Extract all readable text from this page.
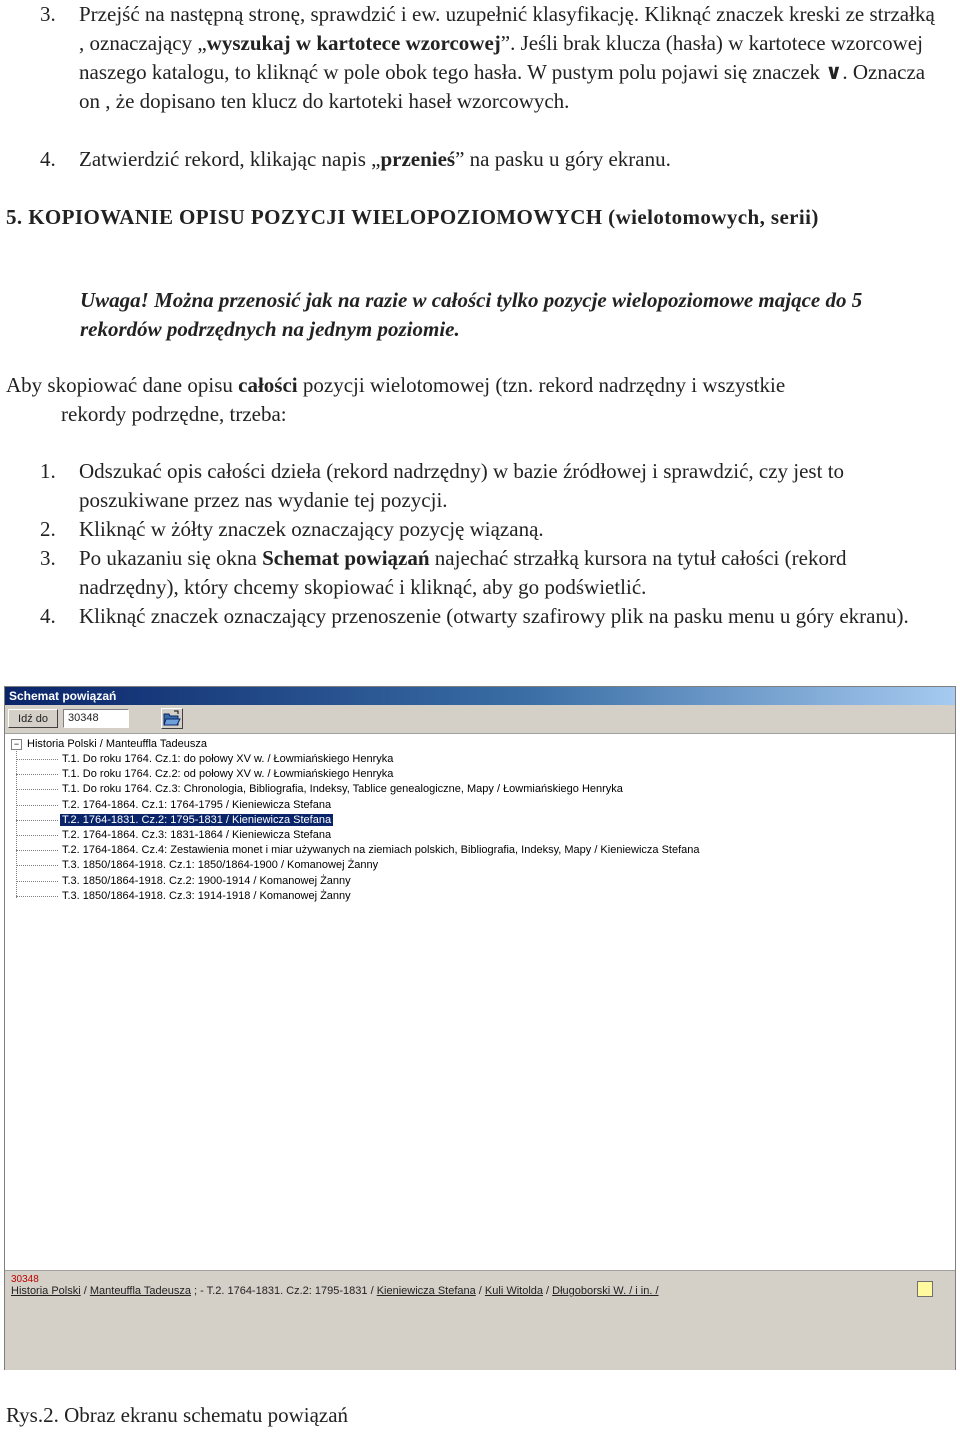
3. Przejść na następną stronę, sprawdzić i ew. uzupełnić klasyfikację. Kliknąć znaczek kreski ze strzałką , oznaczający „wyszukaj w kartotece wzorcowej”. Jeśli brak klucza (hasła) w kartotece wzorcowej naszego katalogu, to kliknąć w pole obok tego hasła. W pustym polu pojawi się znaczek ∨. Oznacza on , że dopisano ten klucz do kartoteki haseł wzorcowych.
4. Zatwierdzić rekord, klikając napis „przenieś” na pasku u góry ekranu.
5. KOPIOWANIE OPISU POZYCJI WIELOPOZIOMOWYCH (wielotomowych, serii)
Uwaga! Można przenosić jak na razie w całości tylko pozycje wielopoziomowe mające do 5 rekordów podrzędnych na jednym poziomie.
Aby skopiować dane opisu całości pozycji wielotomowej (tzn. rekord nadrzędny i wszystkie
rekordy podrzędne, trzeba:
1. Odszukać opis całości dzieła (rekord nadrzędny) w bazie źródłowej i sprawdzić, czy jest to poszukiwane przez nas wydanie tej pozycji.
2. Kliknąć w żółty znaczek oznaczający pozycję wiązaną.
3. Po ukazaniu się okna Schemat powiązań najechać strzałką kursora na tytuł całości (rekord nadrzędny), który chcemy skopiować i kliknąć, aby go podświetlić.
4. Kliknąć znaczek oznaczający przenoszenie (otwarty szafirowy plik na pasku menu u góry ekranu).
Schemat powiązań
Idź do	30348
− Historia Polski / Manteuffla Tadeusza
T.1. Do roku 1764. Cz.1: do połowy XV w. / Łowmiańskiego Henryka
T.1. Do roku 1764. Cz.2: od połowy XV w. / Łowmiańskiego Henryka
T.1. Do roku 1764. Cz.3: Chronologia, Bibliografia, Indeksy, Tablice genealogiczne, Mapy / Łowmiańskiego Henryka
T.2. 1764-1864. Cz.1: 1764-1795 / Kieniewicza Stefana
T.2. 1764-1831. Cz.2: 1795-1831 / Kieniewicza Stefana
T.2. 1764-1864. Cz.3: 1831-1864 / Kieniewicza Stefana
T.2. 1764-1864. Cz.4: Zestawienia monet i miar używanych na ziemiach polskich, Bibliografia, Indeksy, Mapy / Kieniewicza Stefana
T.3. 1850/1864-1918. Cz.1: 1850/1864-1900 / Komanowej Żanny
T.3. 1850/1864-1918. Cz.2: 1900-1914 / Komanowej Żanny
T.3. 1850/1864-1918. Cz.3: 1914-1918 / Komanowej Żanny
30348
Historia Polski / Manteuffla Tadeusza ; - T.2. 1764-1831. Cz.2: 1795-1831 / Kieniewicza Stefana / Kuli Witolda / Długoborski W. / i in. /
Rys.2. Obraz ekranu schematu powiązań
